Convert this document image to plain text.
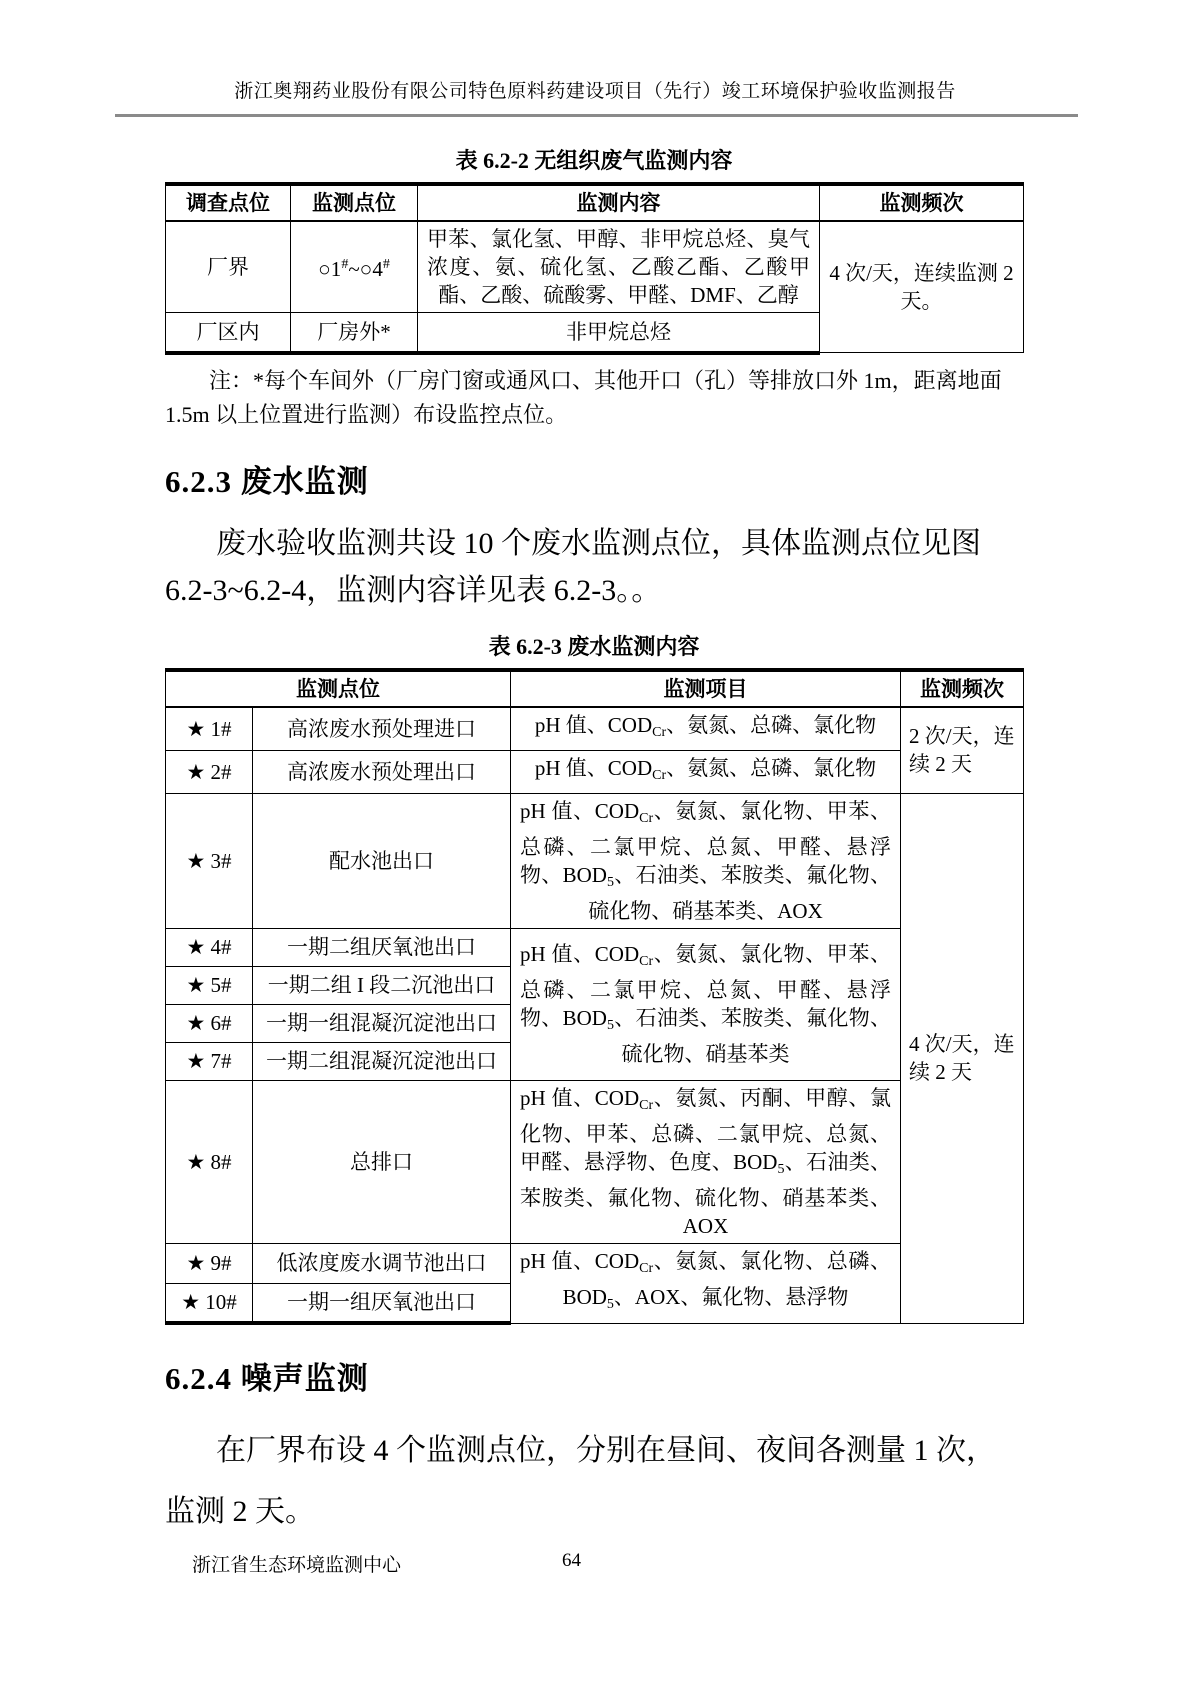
浙江奥翔药业股份有限公司特色原料药建设项目（先行）竣工环境保护验收监测报告
表 6.2-2 无组织废气监测内容
调查点位	监测点位	监测内容	监测频次
厂界	○1#~○4#	甲苯、氯化氢、甲醇、非甲烷总烃、臭气浓度、氨、硫化氢、乙酸乙酯、乙酸甲酯、乙酸、硫酸雾、甲醛、DMF、乙醇	4 次/天，连续监测 2 天。
厂区内	厂房外*	非甲烷总烃	

注：*每个车间外（厂房门窗或通风口、其他开口（孔）等排放口外 1m，距离地面 1.5m 以上位置进行监测）布设监控点位。

6.2.3 废水监测

废水验收监测共设 10 个废水监测点位，具体监测点位见图 6.2-3~6.2-4，监测内容详见表 6.2-3。。

表 6.2-3 废水监测内容
监测点位		监测项目	监测频次
★ 1#	高浓废水预处理进口	pH 值、$COD_{Cr}$、氨氮、总磷、氯化物	2 次/天，连续 2 天
★ 2#	高浓废水预处理出口	pH 值、$COD_{Cr}$、氨氮、总磷、氯化物	
★ 3#	配水池出口	pH 值、$COD_{Cr}$、氨氮、氯化物、甲苯、总磷、二氯甲烷、总氮、甲醛、悬浮物、$BOD_5$、石油类、苯胺类、氟化物、硫化物、硝基苯类、AOX	4 次/天，连续 2 天
★ 4#	一期二组厌氧池出口	pH 值、$COD_{Cr}$、氨氮、氯化物、甲苯、总磷、二氯甲烷、总氮、甲醛、悬浮物、$BOD_5$、石油类、苯胺类、氟化物、硫化物、硝基苯类	
★ 5#	一期二组 I 段二沉池出口		
★ 6#	一期一组混凝沉淀池出口		
★ 7#	一期二组混凝沉淀池出口		
★ 8#	总排口	pH 值、$COD_{Cr}$、氨氮、丙酮、甲醇、氯化物、甲苯、总磷、二氯甲烷、总氮、甲醛、悬浮物、色度、$BOD_5$、石油类、苯胺类、氟化物、硫化物、硝基苯类、AOX	
★ 9#	低浓度废水调节池出口	pH 值、$COD_{Cr}$、氨氮、氯化物、总磷、$BOD_5$、AOX、氟化物、悬浮物	
★ 10#	一期一组厌氧池出口		
6.2.4 噪声监测

在厂界布设 4 个监测点位，分别在昼间、夜间各测量 1 次，监测 2 天。

浙江省生态环境监测中心	64
